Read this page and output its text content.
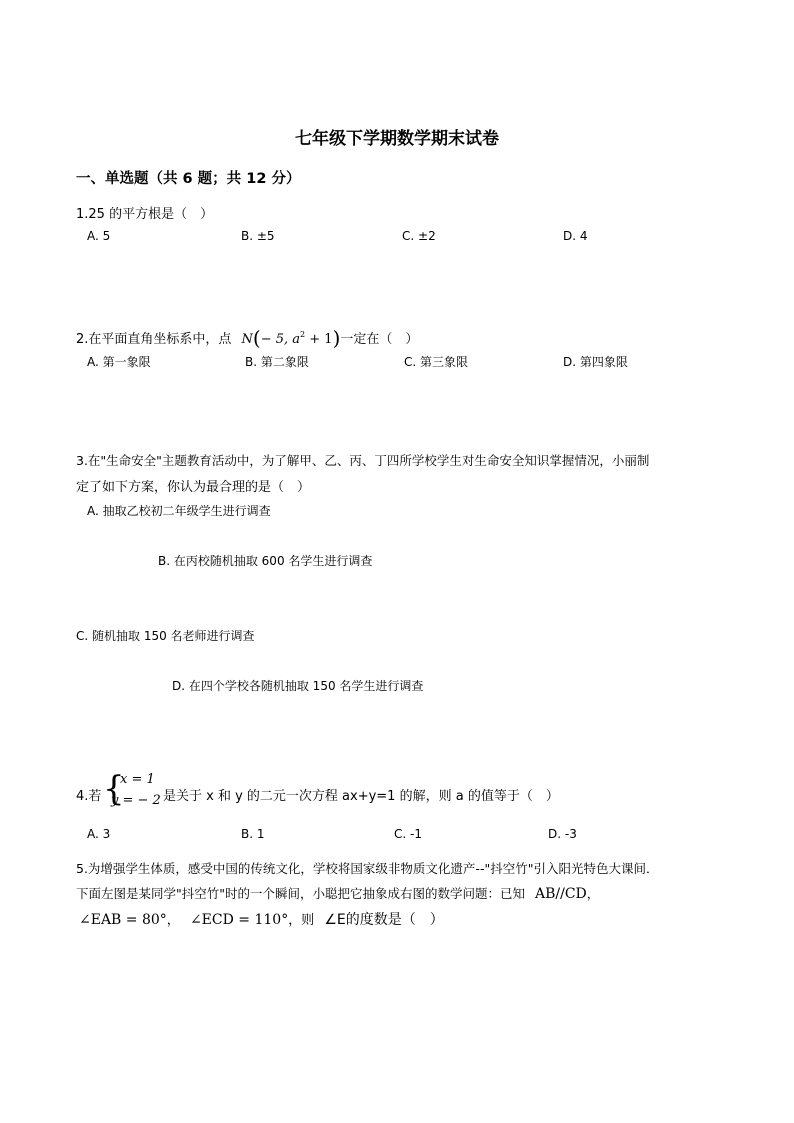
七年级下学期数学期末试卷
一、单选题（共 6 题；共 12 分）
1.25 的平方根是（　）
A. 5	B. ±5	C. ±2	D. 4
2.在平面直角坐标系中，点 N(− 5, $a^2 + 1$)一定在（　）
A. 第一象限	B. 第二象限	C. 第三象限	D. 第四象限
3.在"生命安全"主题教育活动中，为了解甲、乙、丙、丁四所学校学生对生命安全知识掌握情况，小丽制
定了如下方案，你认为最合理的是（　）
A. 抽取乙校初二年级学生进行调查
B. 在丙校随机抽取 600 名学生进行调查
C. 随机抽取 150 名老师进行调查
D. 在四个学校各随机抽取 150 名学生进行调查
4.若 {
x = 1
y = − 2 是关于 x 和 y 的二元一次方程 ax+y=1 的解，则 a 的值等于（　）
A. 3	B. 1	C. -1	D. -3
5.为增强学生体质，感受中国的传统文化，学校将国家级非物质文化遗产--"抖空竹"引入阳光特色大课间．
下面左图是某同学"抖空竹"时的一个瞬间，小聪把它抽象成右图的数学问题：已知 AB//CD，
∠EAB = 80°， ∠ECD = 110°，则 ∠E的度数是（　）
